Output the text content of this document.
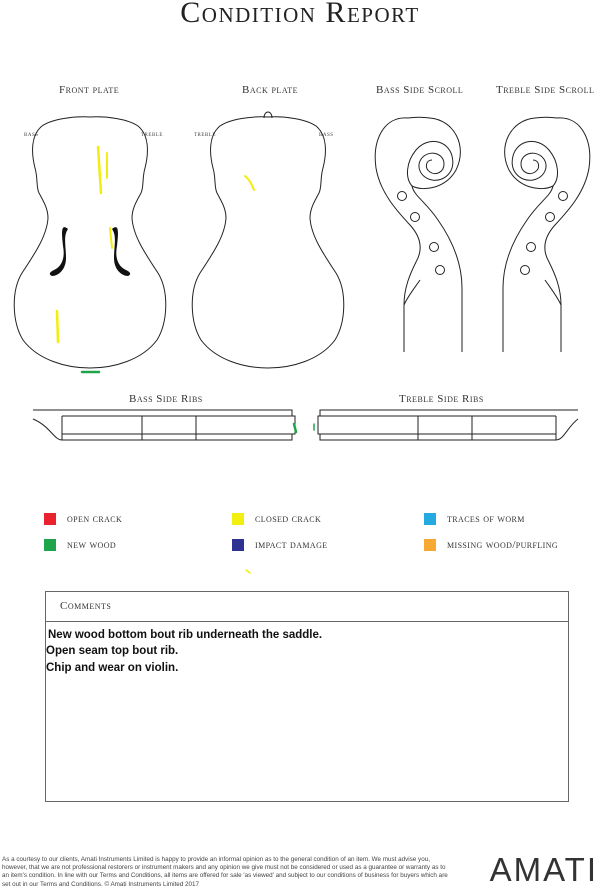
Condition Report
Front plate	Back plate	Bass Side Scroll	Treble Side Scroll
bass	treble	treble	bass
Bass Side Ribs	Treble Side Ribs
open crack	closed crack	traces of worm
new wood	impact damage	missing wood/purfling
Comments
New wood bottom bout rib underneath the saddle.
Open seam top bout rib.
Chip and wear on violin.
As a courtesy to our clients, Amati Instruments Limited is happy to provide an informal opinion as to the general condition of an item. We must advise you, however, that we are not professional restorers or instrument makers and any opinion we give must not be considered or used as a guarantee or warranty as to an item's condition. In line with our Terms and Conditions, all items are offered for sale 'as viewed' and subject to our conditions of business for buyers which are set out in our Terms and Conditions. © Amati Instruments Limited 2017	AMATI
